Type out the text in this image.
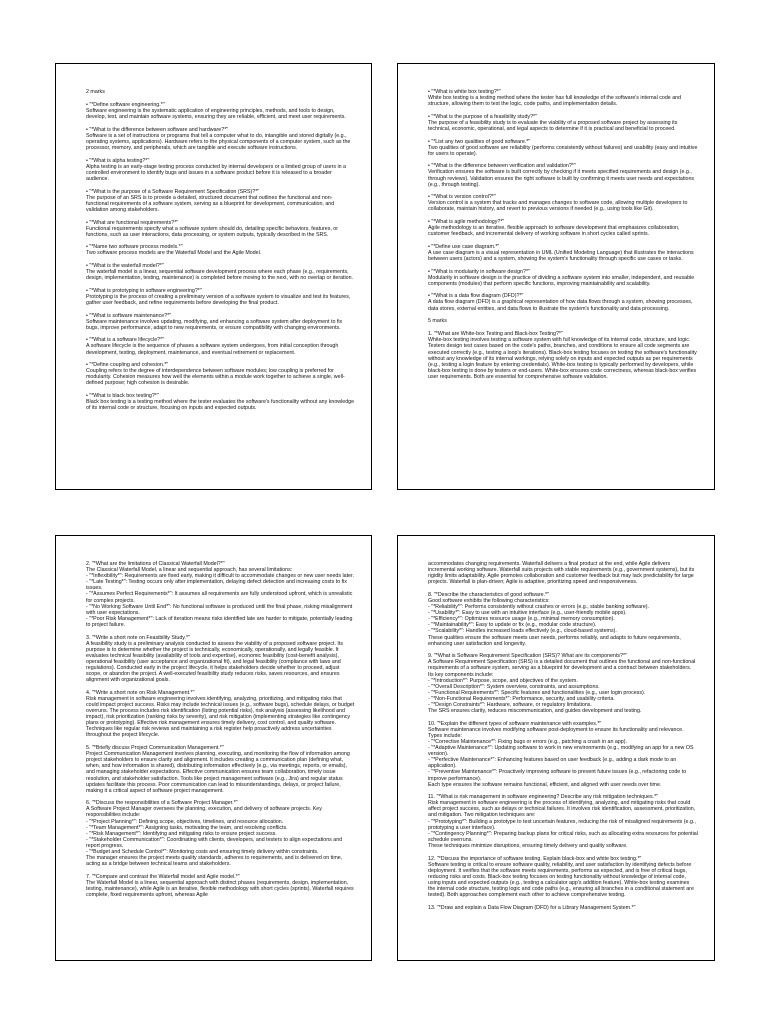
2 marks

• "*Define software engineering.*"

Software engineering is the systematic application of engineering principles, methods, and tools to design, develop, test, and maintain software systems, ensuring they are reliable, efficient, and meet user requirements.

• "*What is the difference between software and hardware?*"

Software is a set of instructions or programs that tell a computer what to do, intangible and stored digitally (e.g., operating systems, applications). Hardware refers to the physical components of a computer system, such as the processor, memory, and peripherals, which are tangible and execute software instructions.

• "*What is alpha testing?*"

Alpha testing is an early-stage testing process conducted by internal developers or a limited group of users in a controlled environment to identify bugs and issues in a software product before it is released to a broader audience.

• "*What is the purpose of a Software Requirement Specification (SRS)?*"

The purpose of an SRS is to provide a detailed, structured document that outlines the functional and non-functional requirements of a software system, serving as a blueprint for development, communication, and validation among stakeholders.

• "*What are functional requirements?*"

Functional requirements specify what a software system should do, detailing specific behaviors, features, or functions, such as user interactions, data processing, or system outputs, typically described in the SRS.

• "*Name two software process models.*"

Two software process models are the Waterfall Model and the Agile Model.

• "*What is the waterfall model?*"

The waterfall model is a linear, sequential software development process where each phase (e.g., requirements, design, implementation, testing, maintenance) is completed before moving to the next, with no overlap or iteration.

• "*What is prototyping in software engineering?*"

Prototyping is the process of creating a preliminary version of a software system to visualize and test its features, gather user feedback, and refine requirements before developing the final product.

• "*What is software maintenance?*"

Software maintenance involves updating, modifying, and enhancing a software system after deployment to fix bugs, improve performance, adapt to new requirements, or ensure compatibility with changing environments.

• "*What is a software lifecycle?*"

A software lifecycle is the sequence of phases a software system undergoes, from initial conception through development, testing, deployment, maintenance, and eventual retirement or replacement.

• "*Define coupling and cohesion.*"

Coupling refers to the degree of interdependence between software modules; low coupling is preferred for modularity. Cohesion measures how well the elements within a module work together to achieve a single, well-defined purpose; high cohesion is desirable.

• "*What is black box testing?*"

Black box testing is a testing method where the tester evaluates the software's functionality without any knowledge of its internal code or structure, focusing on inputs and expected outputs.

• "*What is white box testing?*"

White box testing is a testing method where the tester has full knowledge of the software's internal code and structure, allowing them to test the logic, code paths, and implementation details.

• "*What is the purpose of a feasibility study?*"

The purpose of a feasibility study is to evaluate the viability of a proposed software project by assessing its technical, economic, operational, and legal aspects to determine if it is practical and beneficial to proceed.

• "*List any two qualities of good software.*"

Two qualities of good software are reliability (performs consistently without failures) and usability (easy and intuitive for users to operate).

• "*What is the difference between verification and validation?*"

Verification ensures the software is built correctly by checking if it meets specified requirements and design (e.g., through reviews). Validation ensures the right software is built by confirming it meets user needs and expectations (e.g., through testing).

• "*What is version control?*"

Version control is a system that tracks and manages changes to software code, allowing multiple developers to collaborate, maintain history, and revert to previous versions if needed (e.g., using tools like Git).

• "*What is agile methodology?*"

Agile methodology is an iterative, flexible approach to software development that emphasizes collaboration, customer feedback, and incremental delivery of working software in short cycles called sprints.

• "*Define use case diagram.*"

A use case diagram is a visual representation in UML (Unified Modeling Language) that illustrates the interactions between users (actors) and a system, showing the system's functionality through specific use cases or tasks.

• "*What is modularity in software design?*"

Modularity in software design is the practice of dividing a software system into smaller, independent, and reusable components (modules) that perform specific functions, improving maintainability and scalability.

• "*What is a data flow diagram (DFD)?*"

A data flow diagram (DFD) is a graphical representation of how data flows through a system, showing processes, data stores, external entities, and data flows to illustrate the system's functionality and data processing.

5 marks

1. "*What are White-box Testing and Black-box Testing?*"

White-box testing involves testing a software system with full knowledge of its internal code, structure, and logic. Testers design test cases based on the code's paths, branches, and conditions to ensure all code segments are executed correctly (e.g., testing a loop's iterations). Black-box testing focuses on testing the software's functionality without any knowledge of its internal workings, relying solely on inputs and expected outputs as per requirements (e.g., testing a login feature by entering credentials). White-box testing is typically performed by developers, while black-box testing is done by testers or end-users. White-box ensures code correctness, whereas black-box verifies user requirements. Both are essential for comprehensive software validation.

2. "*What are the limitations of Classical Waterfall Model?*"

The Classical Waterfall Model, a linear and sequential approach, has several limitations:

- "*Inflexibility*": Requirements are fixed early, making it difficult to accommodate changes or new user needs later.

- "*Late Testing*": Testing occurs only after implementation, delaying defect detection and increasing costs to fix issues.

- "*Assumes Perfect Requirements*": It assumes all requirements are fully understood upfront, which is unrealistic for complex projects.

- "*No Working Software Until End*": No functional software is produced until the final phase, risking misalignment with user expectations.

- "*Poor Risk Management*": Lack of iteration means risks identified late are harder to mitigate, potentially leading to project failure.

3. "*Write a short note on Feasibility Study.*"

A feasibility study is a preliminary analysis conducted to assess the viability of a proposed software project. Its purpose is to determine whether the project is technically, economically, operationally, and legally feasible. It evaluates technical feasibility (availability of tools and expertise), economic feasibility (cost-benefit analysis), operational feasibility (user acceptance and organizational fit), and legal feasibility (compliance with laws and regulations). Conducted early in the project lifecycle, it helps stakeholders decide whether to proceed, adjust scope, or abandon the project. A well-executed feasibility study reduces risks, saves resources, and ensures alignment with organizational goals.

4. "*Write a short note on Risk Management.*"

Risk management in software engineering involves identifying, analyzing, prioritizing, and mitigating risks that could impact project success. Risks may include technical issues (e.g., software bugs), schedule delays, or budget overruns. The process includes risk identification (listing potential risks), risk analysis (assessing likelihood and impact), risk prioritization (ranking risks by severity), and risk mitigation (implementing strategies like contingency plans or prototyping). Effective risk management ensures timely delivery, cost control, and quality software. Techniques like regular risk reviews and maintaining a risk register help proactively address uncertainties throughout the project lifecycle.

5. "*Briefly discuss Project Communication Management.*"

Project Communication Management involves planning, executing, and monitoring the flow of information among project stakeholders to ensure clarity and alignment. It includes creating a communication plan (defining what, when, and how information is shared), distributing information effectively (e.g., via meetings, reports, or emails), and managing stakeholder expectations. Effective communication ensures team collaboration, timely issue resolution, and stakeholder satisfaction. Tools like project management software (e.g., Jira) and regular status updates facilitate this process. Poor communication can lead to misunderstandings, delays, or project failure, making it a critical aspect of software project management.

6. "*Discuss the responsibilities of a Software Project Manager.*"

A Software Project Manager oversees the planning, execution, and delivery of software projects. Key responsibilities include:

- "*Project Planning*": Defining scope, objectives, timelines, and resource allocation.

- "*Team Management*": Assigning tasks, motivating the team, and resolving conflicts.

- "*Risk Management*": Identifying and mitigating risks to ensure project success.

- "*Stakeholder Communication*": Coordinating with clients, developers, and testers to align expectations and report progress.

- "*Budget and Schedule Control*": Monitoring costs and ensuring timely delivery within constraints.

The manager ensures the project meets quality standards, adheres to requirements, and is delivered on time, acting as a bridge between technical teams and stakeholders.

7. "*Compare and contrast the Waterfall model and Agile model.*"

The Waterfall Model is a linear, sequential approach with distinct phases (requirements, design, implementation, testing, maintenance), while Agile is an iterative, flexible methodology with short cycles (sprints). Waterfall requires complete, fixed requirements upfront, whereas Agile

accommodates changing requirements. Waterfall delivers a final product at the end, while Agile delivers incremental working software. Waterfall suits projects with stable requirements (e.g., government systems), but its rigidity limits adaptability. Agile promotes collaboration and customer feedback but may lack predictability for large projects. Waterfall is plan-driven; Agile is adaptive, prioritizing speed and responsiveness.

8. "*Describe the characteristics of good software.*"

Good software exhibits the following characteristics:

- "*Reliability*": Performs consistently without crashes or errors (e.g., stable banking software).

- "*Usability*": Easy to use with an intuitive interface (e.g., user-friendly mobile apps).

- "*Efficiency*": Optimizes resource usage (e.g., minimal memory consumption).

- "*Maintainability*": Easy to update or fix (e.g., modular code structure).

- "*Scalability*": Handles increased loads effectively (e.g., cloud-based systems).

These qualities ensure the software meets user needs, performs reliably, and adapts to future requirements, enhancing user satisfaction and longevity.

9. "*What is Software Requirement Specification (SRS)? What are its components?*"

A Software Requirement Specification (SRS) is a detailed document that outlines the functional and non-functional requirements of a software system, serving as a blueprint for development and a contract between stakeholders. Its key components include:

- "*Introduction*": Purpose, scope, and objectives of the system.

- "*Overall Description*": System overview, constraints, and assumptions.

- "*Functional Requirements*": Specific features and functionalities (e.g., user login process).

- "*Non-Functional Requirements*": Performance, security, and usability criteria.

- "*Design Constraints*": Hardware, software, or regulatory limitations.

The SRS ensures clarity, reduces miscommunication, and guides development and testing.

10. "*Explain the different types of software maintenance with examples.*"

Software maintenance involves modifying software post-deployment to ensure its functionality and relevance. Types include:

- "*Corrective Maintenance*": Fixing bugs or errors (e.g., patching a crash in an app).

- "*Adaptive Maintenance*": Updating software to work in new environments (e.g., modifying an app for a new OS version).

- "*Perfective Maintenance*": Enhancing features based on user feedback (e.g., adding a dark mode to an application).

- "*Preventive Maintenance*": Proactively improving software to prevent future issues (e.g., refactoring code to improve performance).

Each type ensures the software remains functional, efficient, and aligned with user needs over time.

11. "*What is risk management in software engineering? Describe any risk mitigation techniques.*"

Risk management in software engineering is the process of identifying, analyzing, and mitigating risks that could affect project success, such as delays or technical failures. It involves risk identification, assessment, prioritization, and mitigation. Two mitigation techniques are:

- "*Prototyping*": Building a prototype to test uncertain features, reducing the risk of misaligned requirements (e.g., prototyping a user interface).

- "*Contingency Planning*": Preparing backup plans for critical risks, such as allocating extra resources for potential schedule overruns.

These techniques minimize disruptions, ensuring timely delivery and quality software.

12. "*Discuss the importance of software testing. Explain black-box and white box testing.*"

Software testing is critical to ensure software quality, reliability, and user satisfaction by identifying defects before deployment. It verifies that the software meets requirements, performs as expected, and is free of critical bugs, reducing risks and costs. Black-box testing focuses on testing functionality without knowledge of internal code, using inputs and expected outputs (e.g., testing a calculator app's addition feature). White-box testing examines the internal code structure, testing logic and code paths (e.g., ensuring all branches in a conditional statement are tested). Both approaches complement each other to achieve comprehensive testing.

13. "*Draw and explain a Data Flow Diagram (DFD) for a Library Management System.*"
